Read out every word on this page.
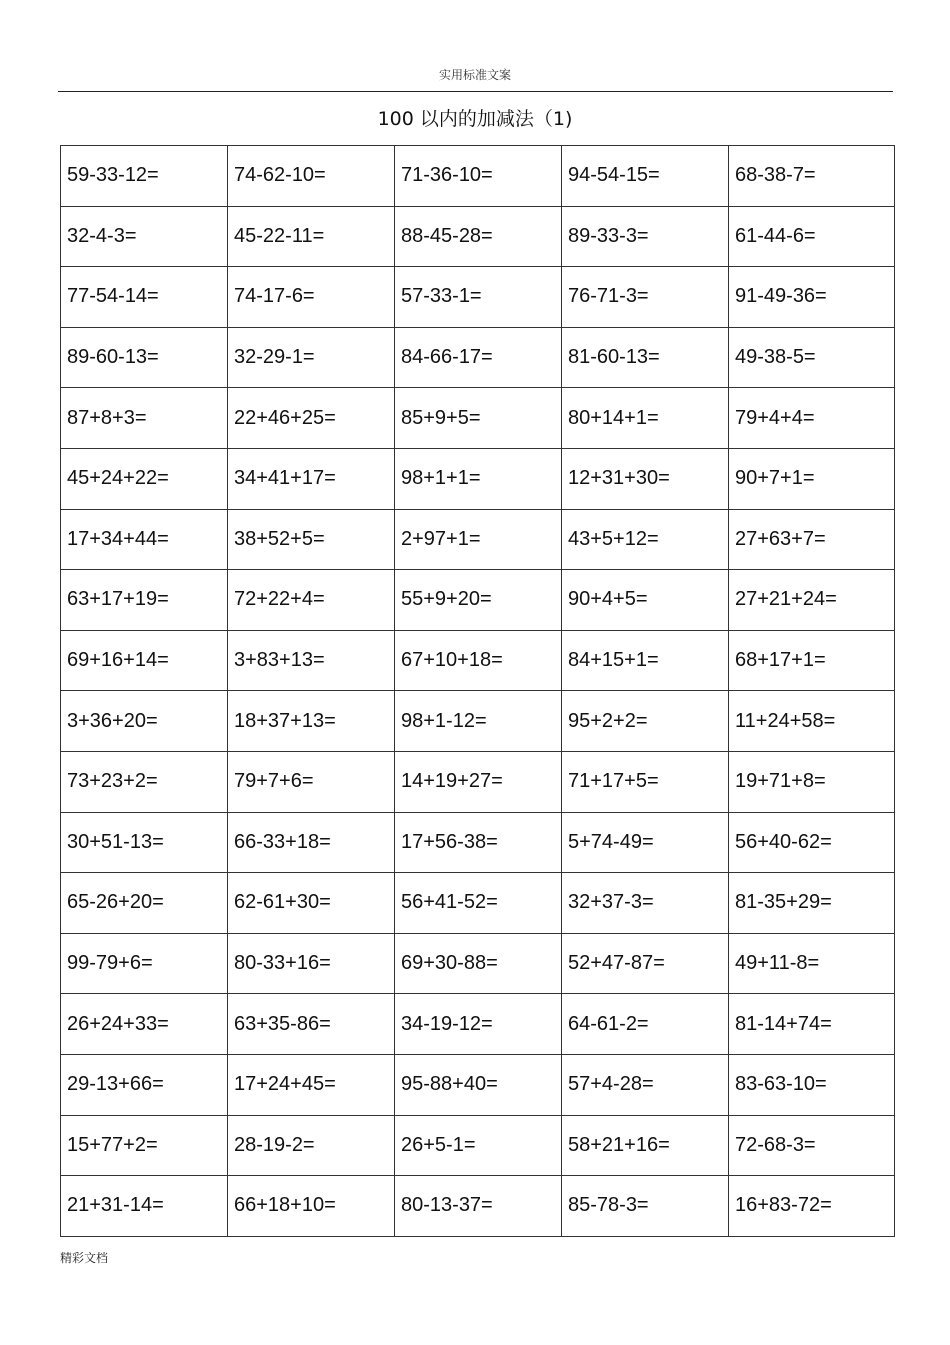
实用标准文案
100 以内的加减法（1)
59-33-12=	74-62-10=	71-36-10=	94-54-15=	68-38-7=
32-4-3=	45-22-11=	88-45-28=	89-33-3=	61-44-6=
77-54-14=	74-17-6=	57-33-1=	76-71-3=	91-49-36=
89-60-13=	32-29-1=	84-66-17=	81-60-13=	49-38-5=
87+8+3=	22+46+25=	85+9+5=	80+14+1=	79+4+4=
45+24+22=	34+41+17=	98+1+1=	12+31+30=	90+7+1=
17+34+44=	38+52+5=	2+97+1=	43+5+12=	27+63+7=
63+17+19=	72+22+4=	55+9+20=	90+4+5=	27+21+24=
69+16+14=	3+83+13=	67+10+18=	84+15+1=	68+17+1=
3+36+20=	18+37+13=	98+1-12=	95+2+2=	11+24+58=
73+23+2=	79+7+6=	14+19+27=	71+17+5=	19+71+8=
30+51-13=	66-33+18=	17+56-38=	5+74-49=	56+40-62=
65-26+20=	62-61+30=	56+41-52=	32+37-3=	81-35+29=
99-79+6=	80-33+16=	69+30-88=	52+47-87=	49+11-8=
26+24+33=	63+35-86=	34-19-12=	64-61-2=	81-14+74=
29-13+66=	17+24+45=	95-88+40=	57+4-28=	83-63-10=
15+77+2=	28-19-2=	26+5-1=	58+21+16=	72-68-3=
21+31-14=	66+18+10=	80-13-37=	85-78-3=	16+83-72=
精彩文档
